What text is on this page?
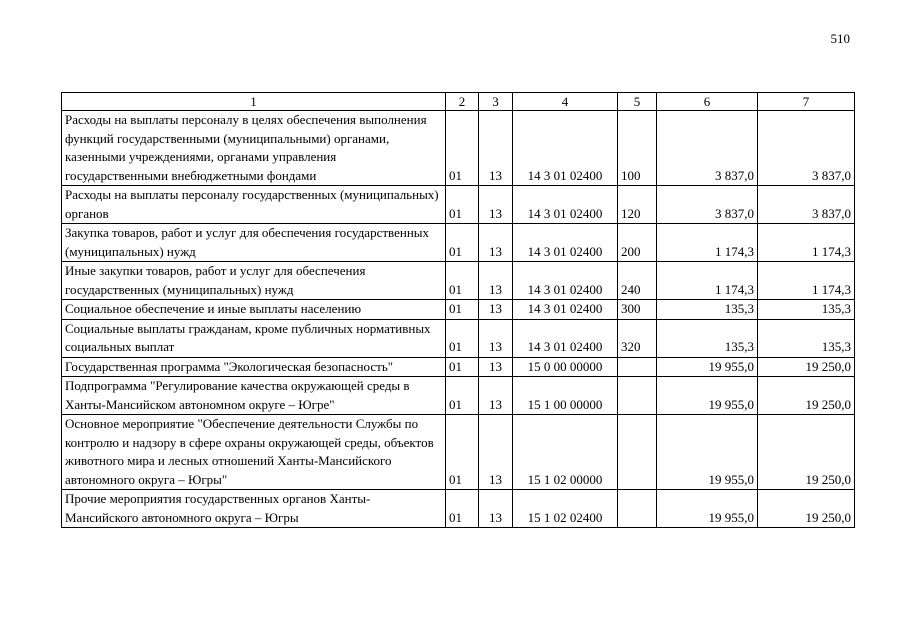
510
1	2	3	4	5	6	7
Расходы на выплаты персоналу в целях обеспечения выполнения функций государственными (муниципальными) органами, казенными учреждениями, органами управления государственными внебюджетными фондами	01	13	14 3 01 02400	100	3 837,0	3 837,0
Расходы на выплаты персоналу государственных (муниципальных) органов	01	13	14 3 01 02400	120	3 837,0	3 837,0
Закупка товаров, работ и услуг для обеспечения государственных (муниципальных) нужд	01	13	14 3 01 02400	200	1 174,3	1 174,3
Иные закупки товаров, работ и услуг для обеспечения государственных (муниципальных) нужд	01	13	14 3 01 02400	240	1 174,3	1 174,3
Социальное обеспечение и иные выплаты населению	01	13	14 3 01 02400	300	135,3	135,3
Социальные выплаты гражданам, кроме публичных нормативных социальных выплат	01	13	14 3 01 02400	320	135,3	135,3
Государственная программа "Экологическая безопасность"	01	13	15 0 00 00000		19 955,0	19 250,0
Подпрограмма "Регулирование качества окружающей среды в Ханты-Мансийском автономном округе – Югре"	01	13	15 1 00 00000		19 955,0	19 250,0
Основное мероприятие "Обеспечение деятельности Службы по контролю и надзору в сфере охраны окружающей среды, объектов животного мира и лесных отношений Ханты-Мансийского автономного округа – Югры"	01	13	15 1 02 00000		19 955,0	19 250,0
Прочие мероприятия государственных органов Ханты-Мансийского автономного округа – Югры	01	13	15 1 02 02400		19 955,0	19 250,0
